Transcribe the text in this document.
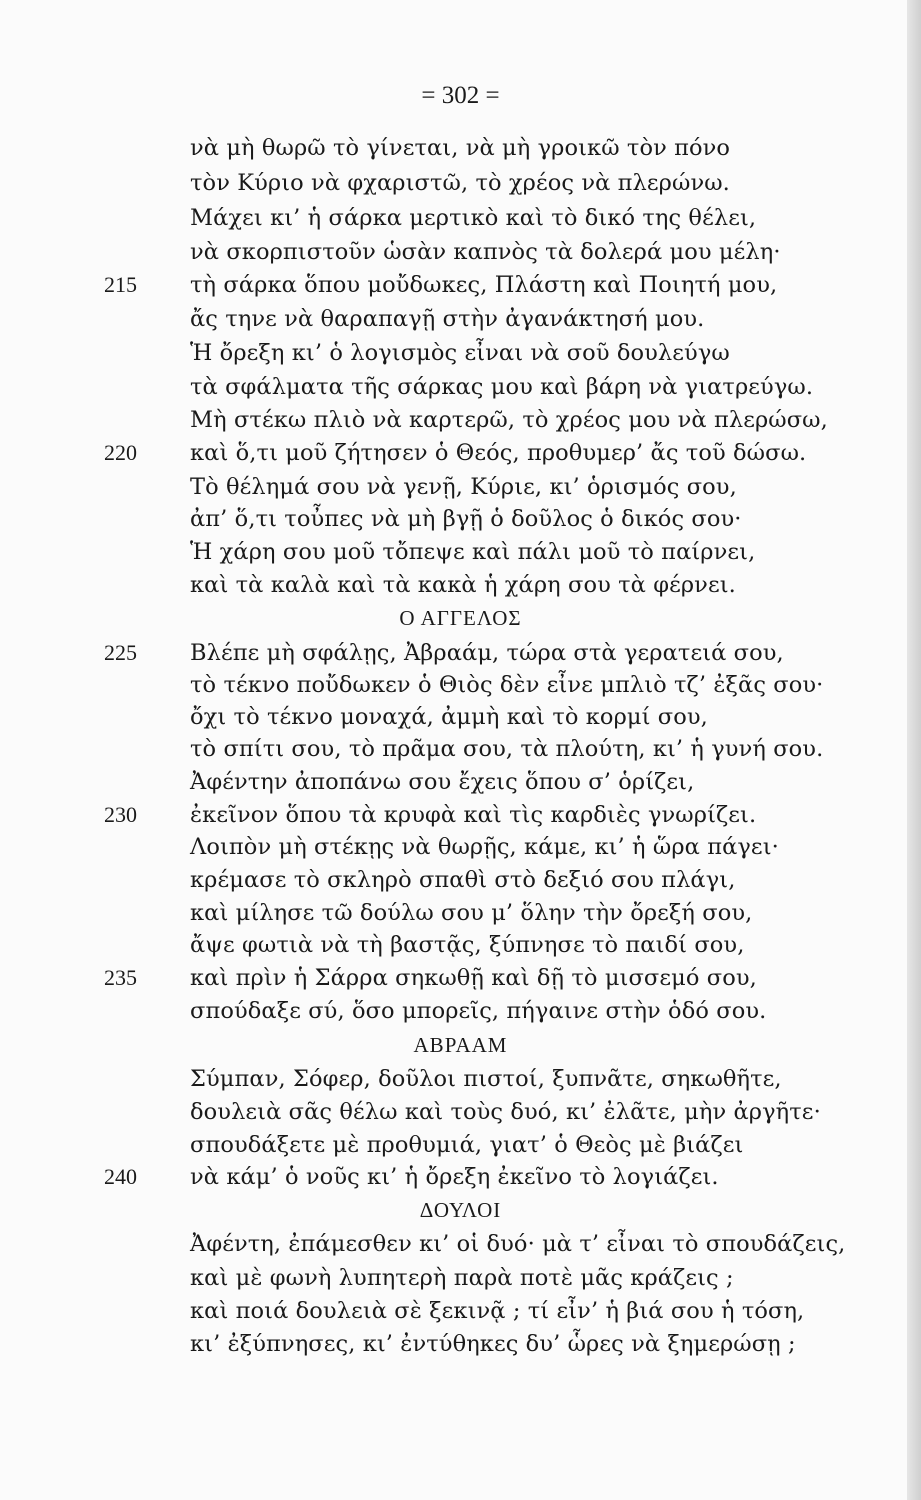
= 302 =
νὰ μὴ θωρῶ τὸ γίνεται, νὰ μὴ γροικῶ τὸν πόνο
τὸν Κύριο νὰ φχαριστῶ, τὸ χρέος νὰ πλερώνω.
Μάχει κι’ ἡ σάρκα μερτικὸ καὶ τὸ δικό της θέλει,
νὰ σκορπιστοῦν ὡσὰν καπνὸς τὰ δολερά μου μέλη·
τὴ σάρκα ὅπου μοὔδωκες, Πλάστη καὶ Ποιητή μου,
ἄς τηνε νὰ θαραπαγῇ στὴν ἀγανάκτησή μου.
Ἡ ὄρεξη κι’ ὁ λογισμὸς εἶναι νὰ σοῦ δουλεύγω
τὰ σφάλματα τῆς σάρκας μου καὶ βάρη νὰ γιατρεύγω.
Μὴ στέκω πλιὸ νὰ καρτερῶ, τὸ χρέος μου νὰ πλερώσω,
καὶ ὅ,τι μοῦ ζήτησεν ὁ Θεός, προθυμερ’ ἄς τοῦ δώσω.
Τὸ θέλημά σου νὰ γενῇ, Κύριε, κι’ ὁρισμός σου,
ἀπ’ ὅ,τι τοὖπες νὰ μὴ βγῇ ὁ δοῦλος ὁ δικός σου·
Ἡ χάρη σου μοῦ τὄπεψε καὶ πάλι μοῦ τὸ παίρνει,
καὶ τὰ καλὰ καὶ τὰ κακὰ ἡ χάρη σου τὰ φέρνει.
Ο ΑΓΓΕΛΟΣ
Βλέπε μὴ σφάλῃς, Ἀβραάμ, τώρα στὰ γερατειά σου,
τὸ τέκνο ποὔδωκεν ὁ Θιὸς δὲν εἶνε μπλιὸ τζ’ ἐξᾶς σου·
ὄχι τὸ τέκνο μοναχά, ἀμμὴ καὶ τὸ κορμί σου,
τὸ σπίτι σου, τὸ πρᾶμα σου, τὰ πλούτη, κι’ ἡ γυνή σου.
Ἀφέντην ἀποπάνω σου ἔχεις ὅπου σ’ ὁρίζει,
ἐκεῖνον ὅπου τὰ κρυφὰ καὶ τὶς καρδιὲς γνωρίζει.
Λοιπὸν μὴ στέκῃς νὰ θωρῇς, κάμε, κι’ ἡ ὥρα πάγει·
κρέμασε τὸ σκληρὸ σπαθὶ στὸ δεξιό σου πλάγι,
καὶ μίλησε τῶ δούλω σου μ’ ὅλην τὴν ὄρεξή σου,
ἄψε φωτιὰ νὰ τὴ βαστᾷς, ξύπνησε τὸ παιδί σου,
καὶ πρὶν ἡ Σάρρα σηκωθῇ καὶ δῇ τὸ μισσεμό σου,
σπούδαξε σύ, ὅσο μπορεῖς, πήγαινε στὴν ὁδό σου.
ΑΒΡΑΑΜ
Σύμπαν, Σόφερ, δοῦλοι πιστοί, ξυπνᾶτε, σηκωθῆτε,
δουλειὰ σᾶς θέλω καὶ τοὺς δυό, κι’ ἐλᾶτε, μὴν ἀργῆτε·
σπουδάξετε μὲ προθυμιά, γιατ’ ὁ Θεὸς μὲ βιάζει
νὰ κάμ’ ὁ νοῦς κι’ ἡ ὄρεξη ἐκεῖνο τὸ λογιάζει.
ΔΟΥΛΟΙ
Ἀφέντη, ἐπάμεσθεν κι’ οἱ δυό· μὰ τ’ εἶναι τὸ σπουδάζεις,
καὶ μὲ φωνὴ λυπητερὴ παρὰ ποτὲ μᾶς κράζεις ;
καὶ ποιά δουλειὰ σὲ ξεκινᾷ ; τί εἶν’ ἡ βιά σου ἡ τόση,
κι’ ἐξύπνησες, κι’ ἐντύθηκες δυ’ ὧρες νὰ ξημερώσῃ ;
215
220
225
230
235
240
